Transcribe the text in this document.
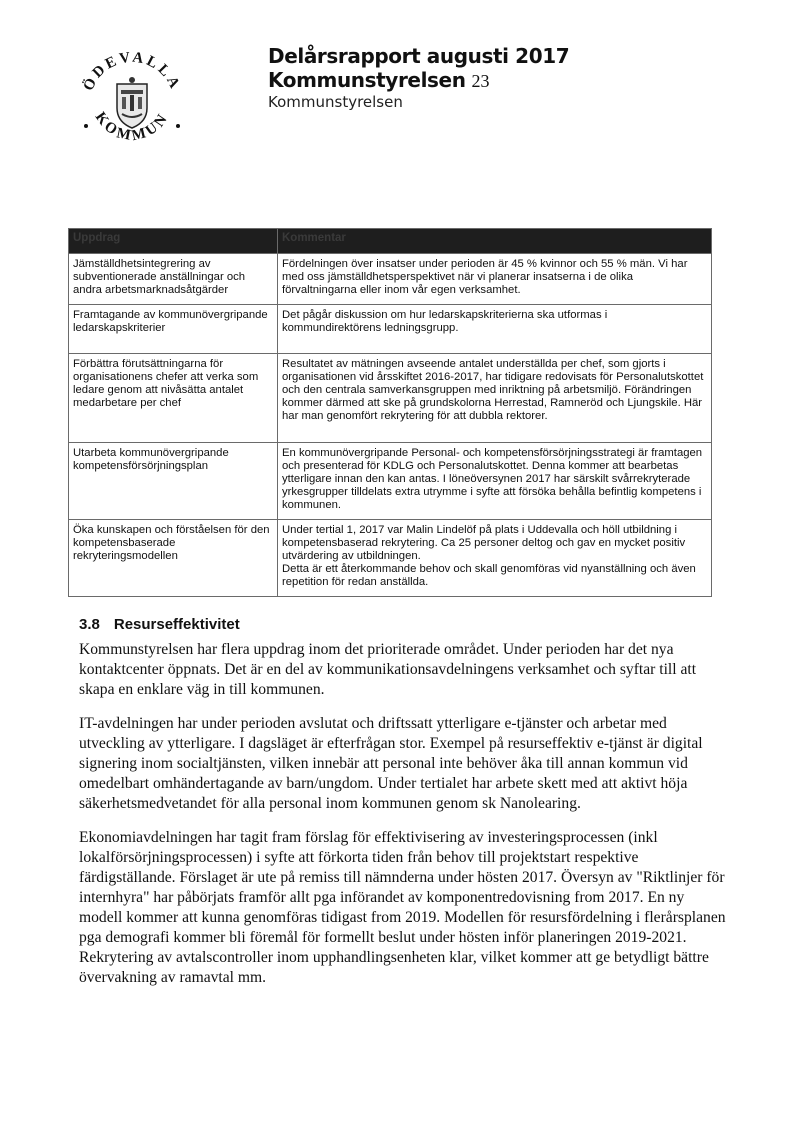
ÖDEVALLA
KOMMUN
Delårsrapport augusti 2017 Kommunstyrelsen 23
Kommunstyrelsen
Uppdrag	Kommentar
Jämställdhetsintegrering av subventionerade anställningar och andra arbetsmarknadsåtgärder	Fördelningen över insatser under perioden är 45 % kvinnor och 55 % män. Vi har med oss jämställdhetsperspektivet när vi planerar insatserna i de olika förvaltningarna eller inom vår egen verksamhet.
Framtagande av kommunövergripande ledarskapskriterier	Det pågår diskussion om hur ledarskapskriterierna ska utformas i kommundirektörens ledningsgrupp.
Förbättra förutsättningarna för organisationens chefer att verka som ledare genom att nivåsätta antalet medarbetare per chef	Resultatet av mätningen avseende antalet underställda per chef, som gjorts i organisationen vid årsskiftet 2016-2017, har tidigare redovisats för Personalutskottet och den centrala samverkansgruppen med inriktning på arbetsmiljö. Förändringen kommer därmed att ske på grundskolorna Herrestad, Ramneröd och Ljungskile. Här har man genomfört rekrytering för att dubbla rektorer.
Utarbeta kommunövergripande kompetensförsörjningsplan	En kommunövergripande Personal- och kompetensförsörjningsstrategi är framtagen och presenterad för KDLG och Personalutskottet. Denna kommer att bearbetas ytterligare innan den kan antas. I löneöversynen 2017 har särskilt svårrekryterade yrkesgrupper tilldelats extra utrymme i syfte att försöka behålla befintlig kompetens i kommunen.
Öka kunskapen och förståelsen för den kompetensbaserade rekryteringsmodellen	Under tertial 1, 2017 var Malin Lindelöf på plats i Uddevalla och höll utbildning i kompetensbaserad rekrytering. Ca 25 personer deltog och gav en mycket positiv utvärdering av utbildningen.
Detta är ett återkommande behov och skall genomföras vid nyanställning och även repetition för redan anställda.
3.8 Resurseffektivitet

Kommunstyrelsen har flera uppdrag inom det prioriterade området. Under perioden har det nya kontaktcenter öppnats. Det är en del av kommunikationsavdelningens verksamhet och syftar till att skapa en enklare väg in till kommunen.

IT-avdelningen har under perioden avslutat och driftssatt ytterligare e-tjänster och arbetar med utveckling av ytterligare. I dagsläget är efterfrågan stor. Exempel på resurseffektiv e-tjänst är digital signering inom socialtjänsten, vilken innebär att personal inte behöver åka till annan kommun vid omedelbart omhändertagande av barn/ungdom. Under tertialet har arbete skett med att aktivt höja säkerhetsmedvetandet för alla personal inom kommunen genom sk Nanolearing.

Ekonomiavdelningen har tagit fram förslag för effektivisering av investeringsprocessen (inkl lokalförsörjningsprocessen) i syfte att förkorta tiden från behov till projektstart respektive färdigställande. Förslaget är ute på remiss till nämnderna under hösten 2017. Översyn av "Riktlinjer för internhyra" har påbörjats framför allt pga införandet av komponentredovisning from 2017. En ny modell kommer att kunna genomföras tidigast from 2019. Modellen för resursfördelning i flerårsplanen pga demografi kommer bli föremål för formellt beslut under hösten inför planeringen 2019-2021. Rekrytering av avtalscontroller inom upphandlingsenheten klar, vilket kommer att ge betydligt bättre övervakning av ramavtal mm.
